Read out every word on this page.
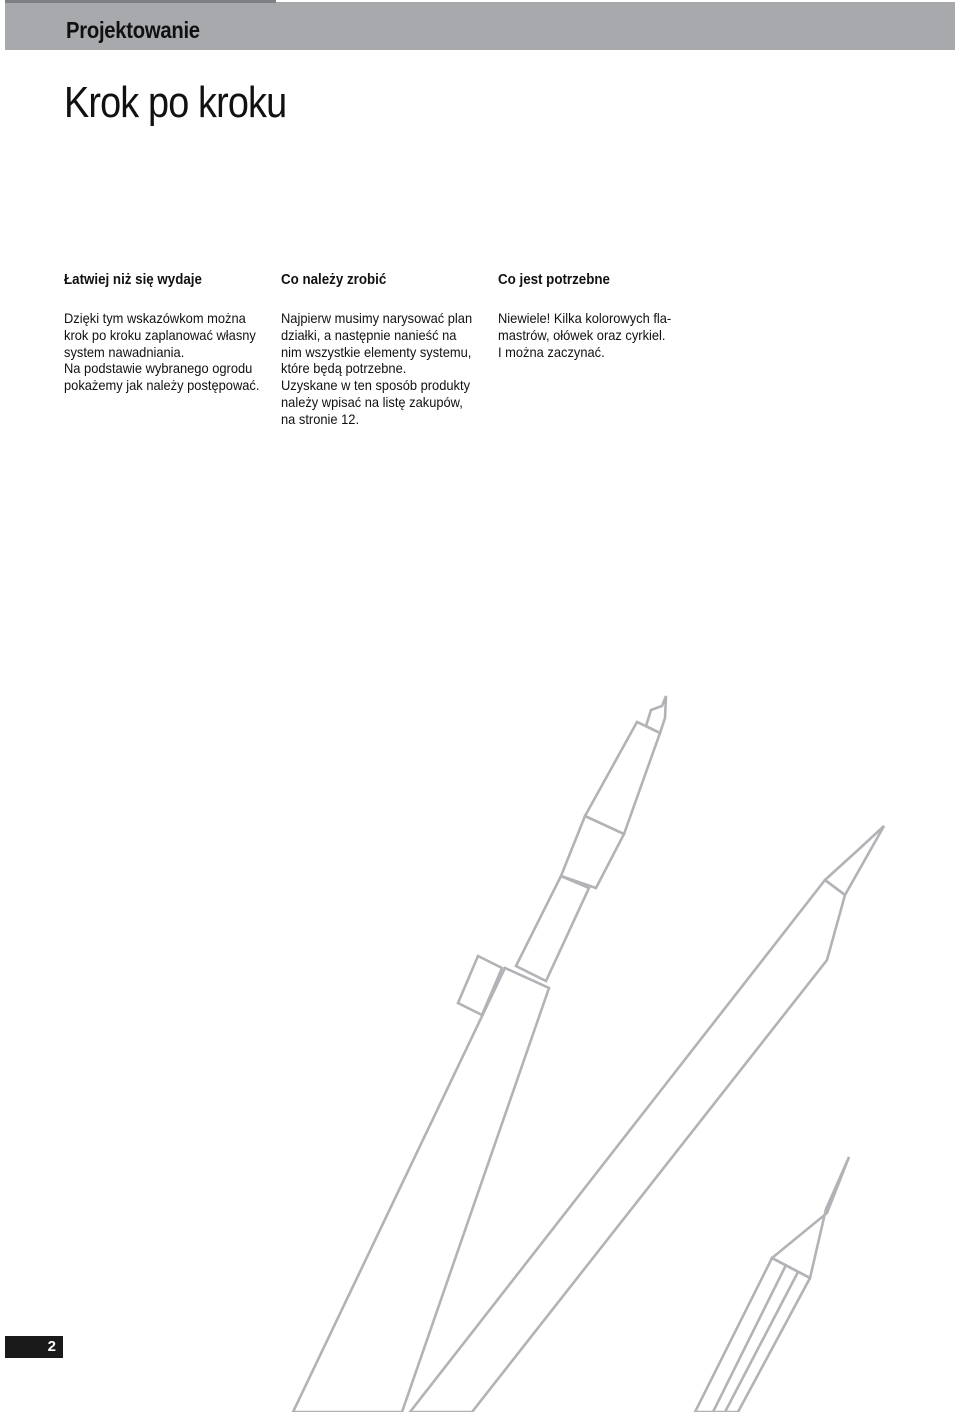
Projektowanie
Krok po kroku
Łatwiej niż się wydaje

Dzięki tym wskazówkom można
krok po kroku zaplanować własny
system nawadniania.
Na podstawie wybranego ogrodu
pokażemy jak należy postępować.

Co należy zrobić

Najpierw musimy narysować plan
działki, a następnie nanieść na
nim wszystkie elementy systemu,
które będą potrzebne.
Uzyskane w ten sposób produkty
należy wpisać na listę zakupów,
na stronie 12.

Co jest potrzebne

Niewiele! Kilka kolorowych fla-
mastrów, ołówek oraz cyrkiel.
I można zaczynać.

2
